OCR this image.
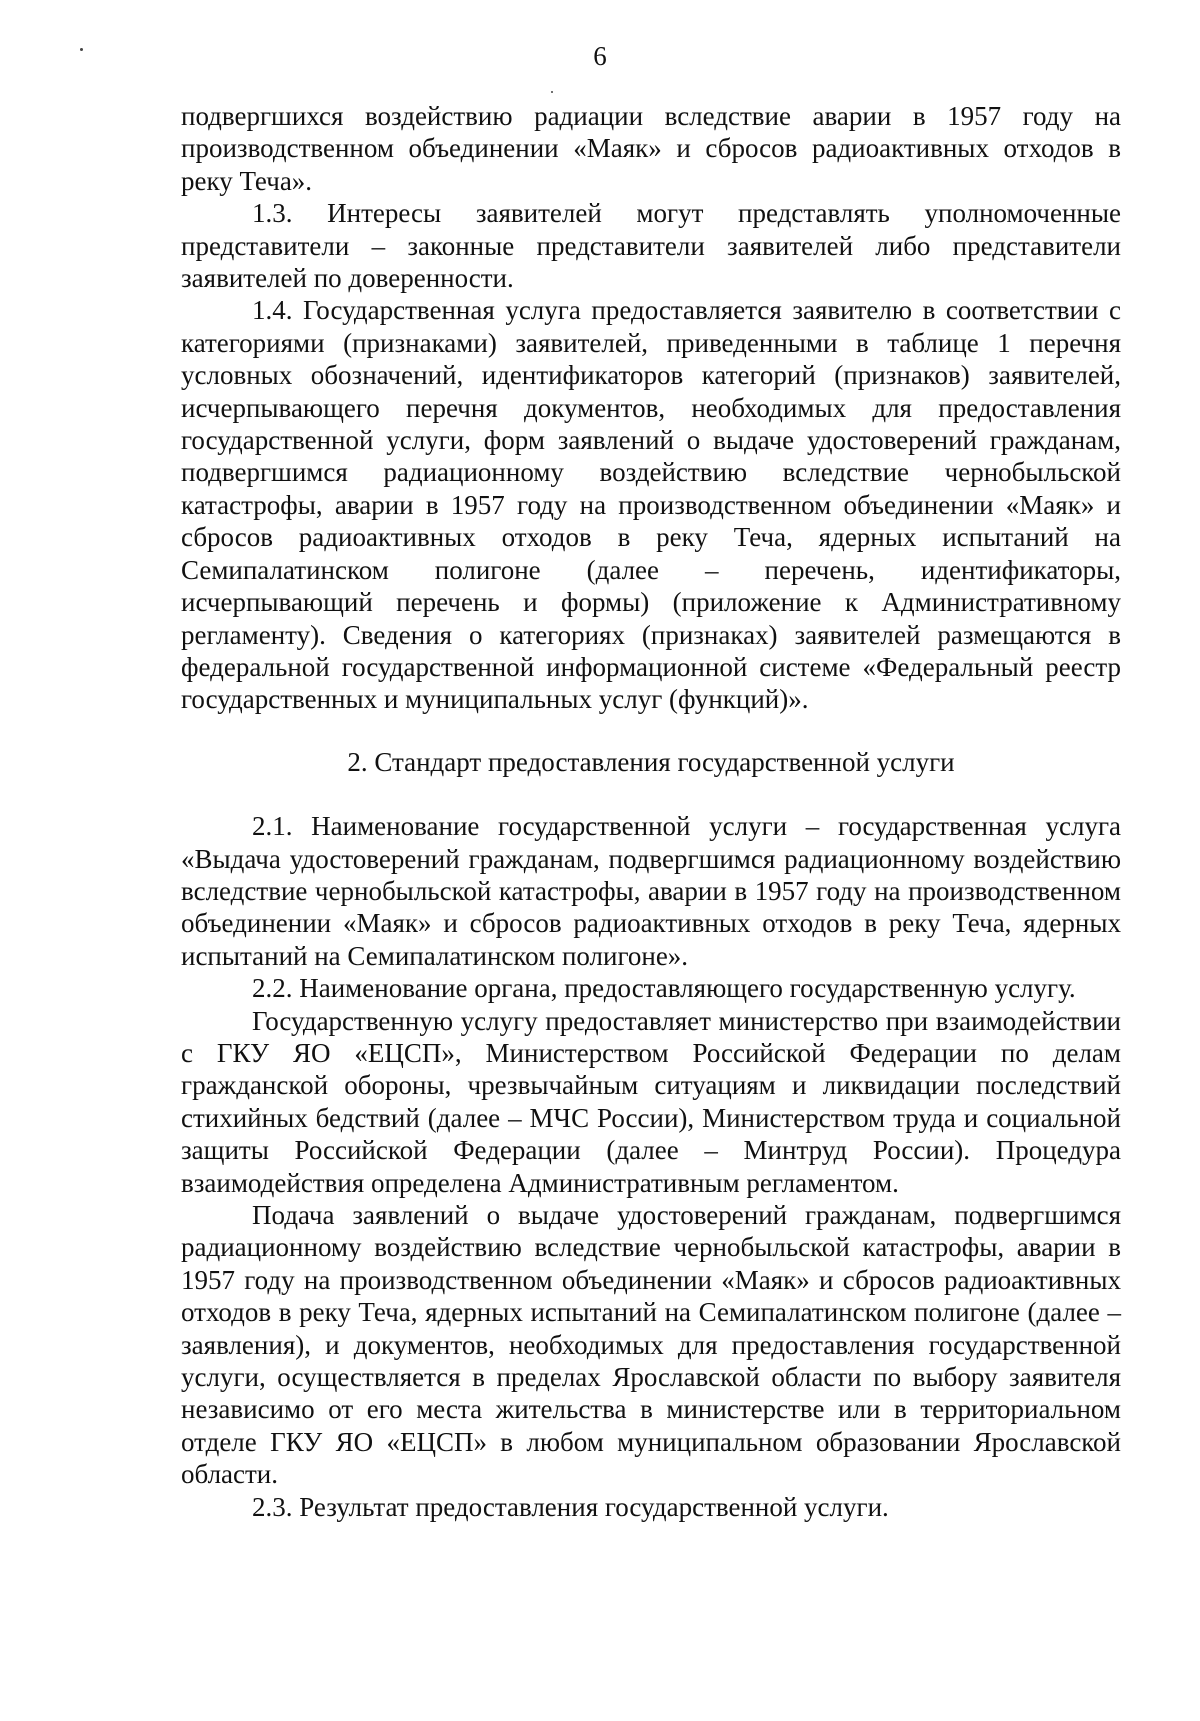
6

подвергшихся воздействию радиации вследствие аварии в 1957 году на производственном объединении «Маяк» и сбросов радиоактивных отходов в реку Теча».

1.3. Интересы заявителей могут представлять уполномоченные представители – законные представители заявителей либо представители заявителей по доверенности.

1.4. Государственная услуга предоставляется заявителю в соответствии с категориями (признаками) заявителей, приведенными в таблице 1 перечня условных обозначений, идентификаторов категорий (признаков) заявителей, исчерпывающего перечня документов, необходимых для предоставления государственной услуги, форм заявлений о выдаче удостоверений гражданам, подвергшимся радиационному воздействию вследствие чернобыльской катастрофы, аварии в 1957 году на производственном объединении «Маяк» и сбросов радиоактивных отходов в реку Теча, ядерных испытаний на Семипалатинском полигоне (далее – перечень, идентификаторы, исчерпывающий перечень и формы) (приложение к Административному регламенту). Сведения о категориях (признаках) заявителей размещаются в федеральной государственной информационной системе «Федеральный реестр государственных и муниципальных услуг (функций)».

2. Стандарт предоставления государственной услуги

2.1. Наименование государственной услуги – государственная услуга «Выдача удостоверений гражданам, подвергшимся радиационному воздействию вследствие чернобыльской катастрофы, аварии в 1957 году на производственном объединении «Маяк» и сбросов радиоактивных отходов в реку Теча, ядерных испытаний на Семипалатинском полигоне».

2.2. Наименование органа, предоставляющего государственную услугу.

Государственную услугу предоставляет министерство при взаимодействии с ГКУ ЯО «ЕЦСП», Министерством Российской Федерации по делам гражданской обороны, чрезвычайным ситуациям и ликвидации последствий стихийных бедствий (далее – МЧС России), Министерством труда и социальной защиты Российской Федерации (далее – Минтруд России). Процедура взаимодействия определена Административным регламентом.

Подача заявлений о выдаче удостоверений гражданам, подвергшимся радиационному воздействию вследствие чернобыльской катастрофы, аварии в 1957 году на производственном объединении «Маяк» и сбросов радиоактивных отходов в реку Теча, ядерных испытаний на Семипалатинском полигоне (далее – заявления), и документов, необходимых для предоставления государственной услуги, осуществляется в пределах Ярославской области по выбору заявителя независимо от его места жительства в министерстве или в территориальном отделе ГКУ ЯО «ЕЦСП» в любом муниципальном образовании Ярославской области.

2.3. Результат предоставления государственной услуги.
